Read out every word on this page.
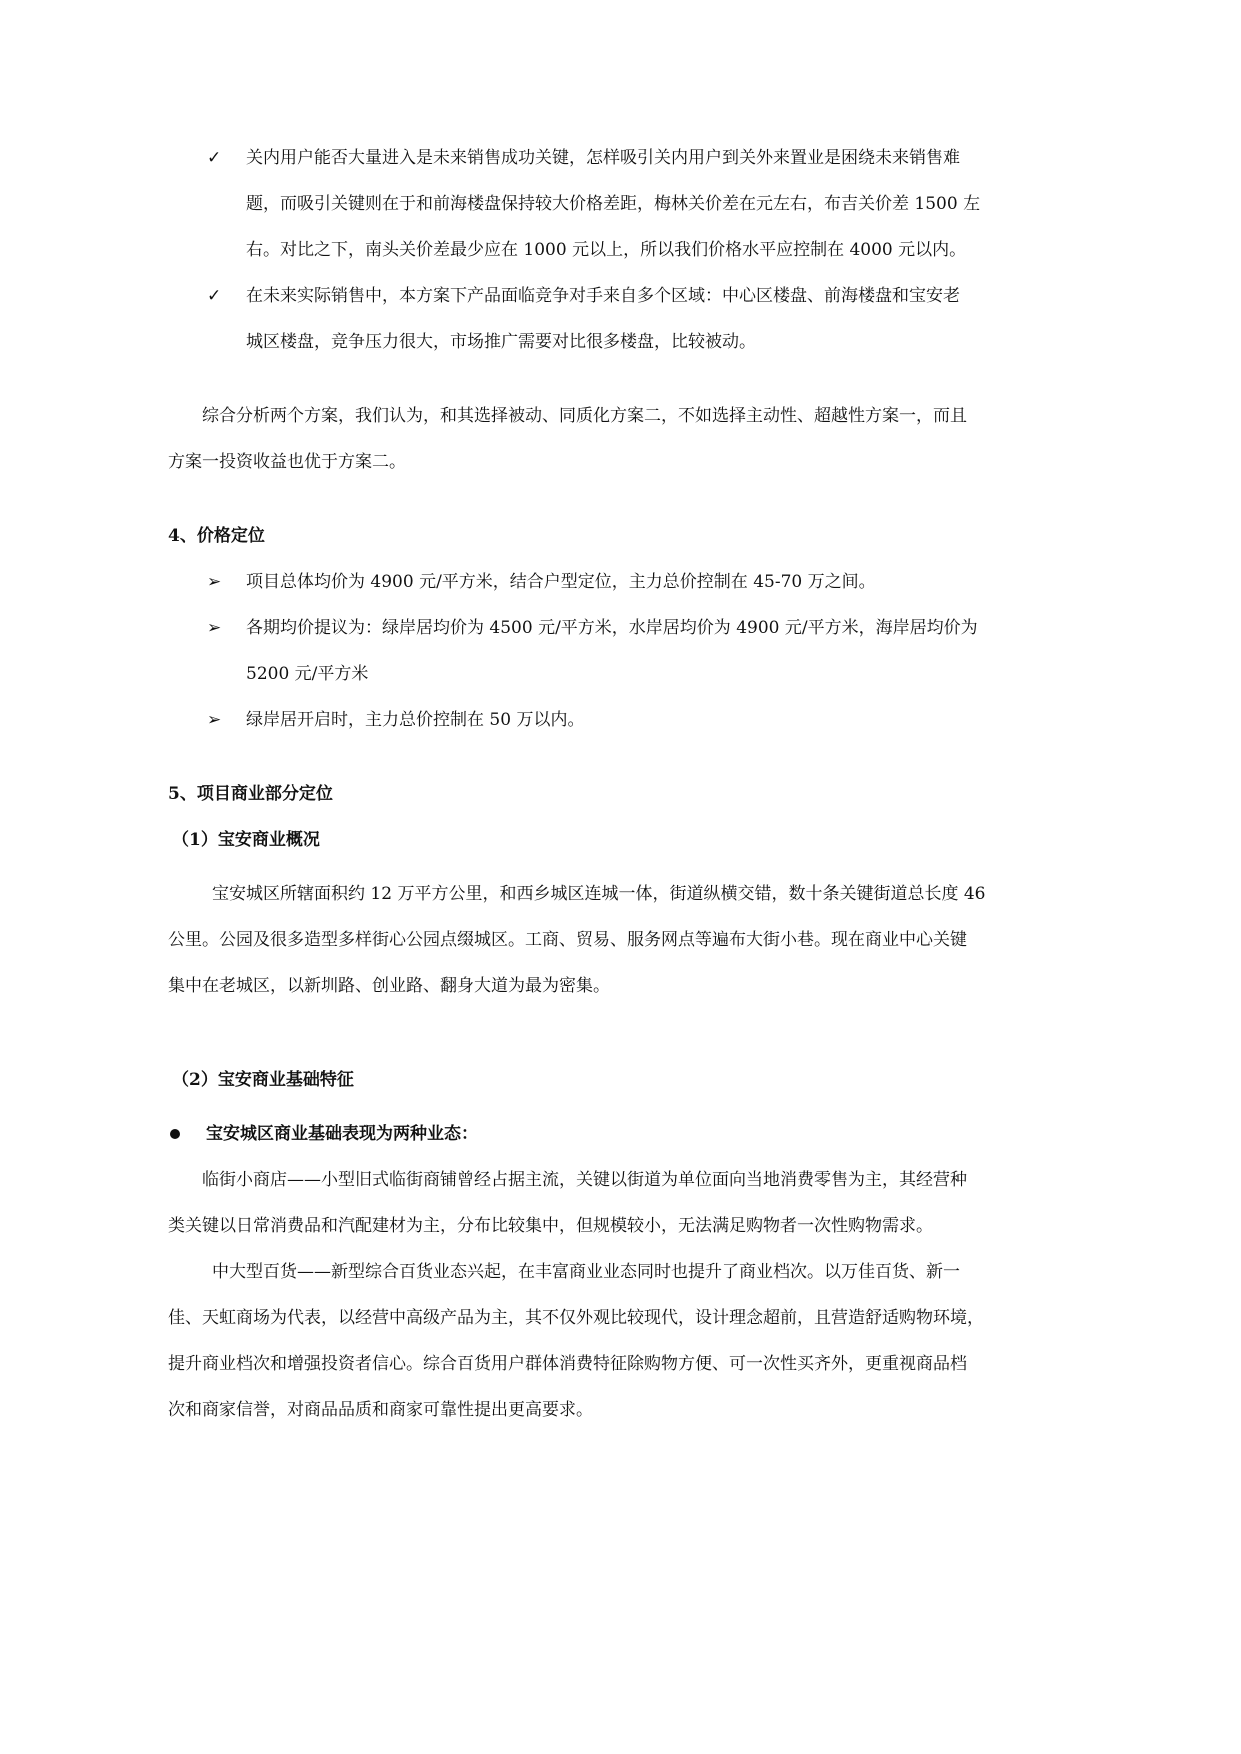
✓ 关内用户能否大量进入是未来销售成功关键，怎样吸引关内用户到关外来置业是困绕未来销售难
题，而吸引关键则在于和前海楼盘保持较大价格差距，梅林关价差在元左右，布吉关价差 1500 左
右。对比之下，南头关价差最少应在 1000 元以上，所以我们价格水平应控制在 4000 元以内。
✓ 在未来实际销售中，本方案下产品面临竞争对手来自多个区域：中心区楼盘、前海楼盘和宝安老
城区楼盘，竞争压力很大，市场推广需要对比很多楼盘，比较被动。
综合分析两个方案，我们认为，和其选择被动、同质化方案二，不如选择主动性、超越性方案一，而且
方案一投资收益也优于方案二。
4、价格定位
➢ 项目总体均价为 4900 元/平方米，结合户型定位，主力总价控制在 45-70 万之间。
➢ 各期均价提议为：绿岸居均价为 4500 元/平方米，水岸居均价为 4900 元/平方米，海岸居均价为
5200 元/平方米
➢ 绿岸居开启时，主力总价控制在 50 万以内。
5、项目商业部分定位
（1）宝安商业概况
宝安城区所辖面积约 12 万平方公里，和西乡城区连城一体，街道纵横交错，数十条关键街道总长度 46
公里。公园及很多造型多样街心公园点缀城区。工商、贸易、服务网点等遍布大街小巷。现在商业中心关键
集中在老城区，以新圳路、创业路、翻身大道为最为密集。
（2）宝安商业基础特征
宝安城区商业基础表现为两种业态：
临街小商店——小型旧式临街商铺曾经占据主流，关键以街道为单位面向当地消费零售为主，其经营种
类关键以日常消费品和汽配建材为主，分布比较集中，但规模较小，无法满足购物者一次性购物需求。
中大型百货——新型综合百货业态兴起，在丰富商业业态同时也提升了商业档次。以万佳百货、新一
佳、天虹商场为代表，以经营中高级产品为主，其不仅外观比较现代，设计理念超前，且营造舒适购物环境，
提升商业档次和增强投资者信心。综合百货用户群体消费特征除购物方便、可一次性买齐外，更重视商品档
次和商家信誉，对商品品质和商家可靠性提出更高要求。
